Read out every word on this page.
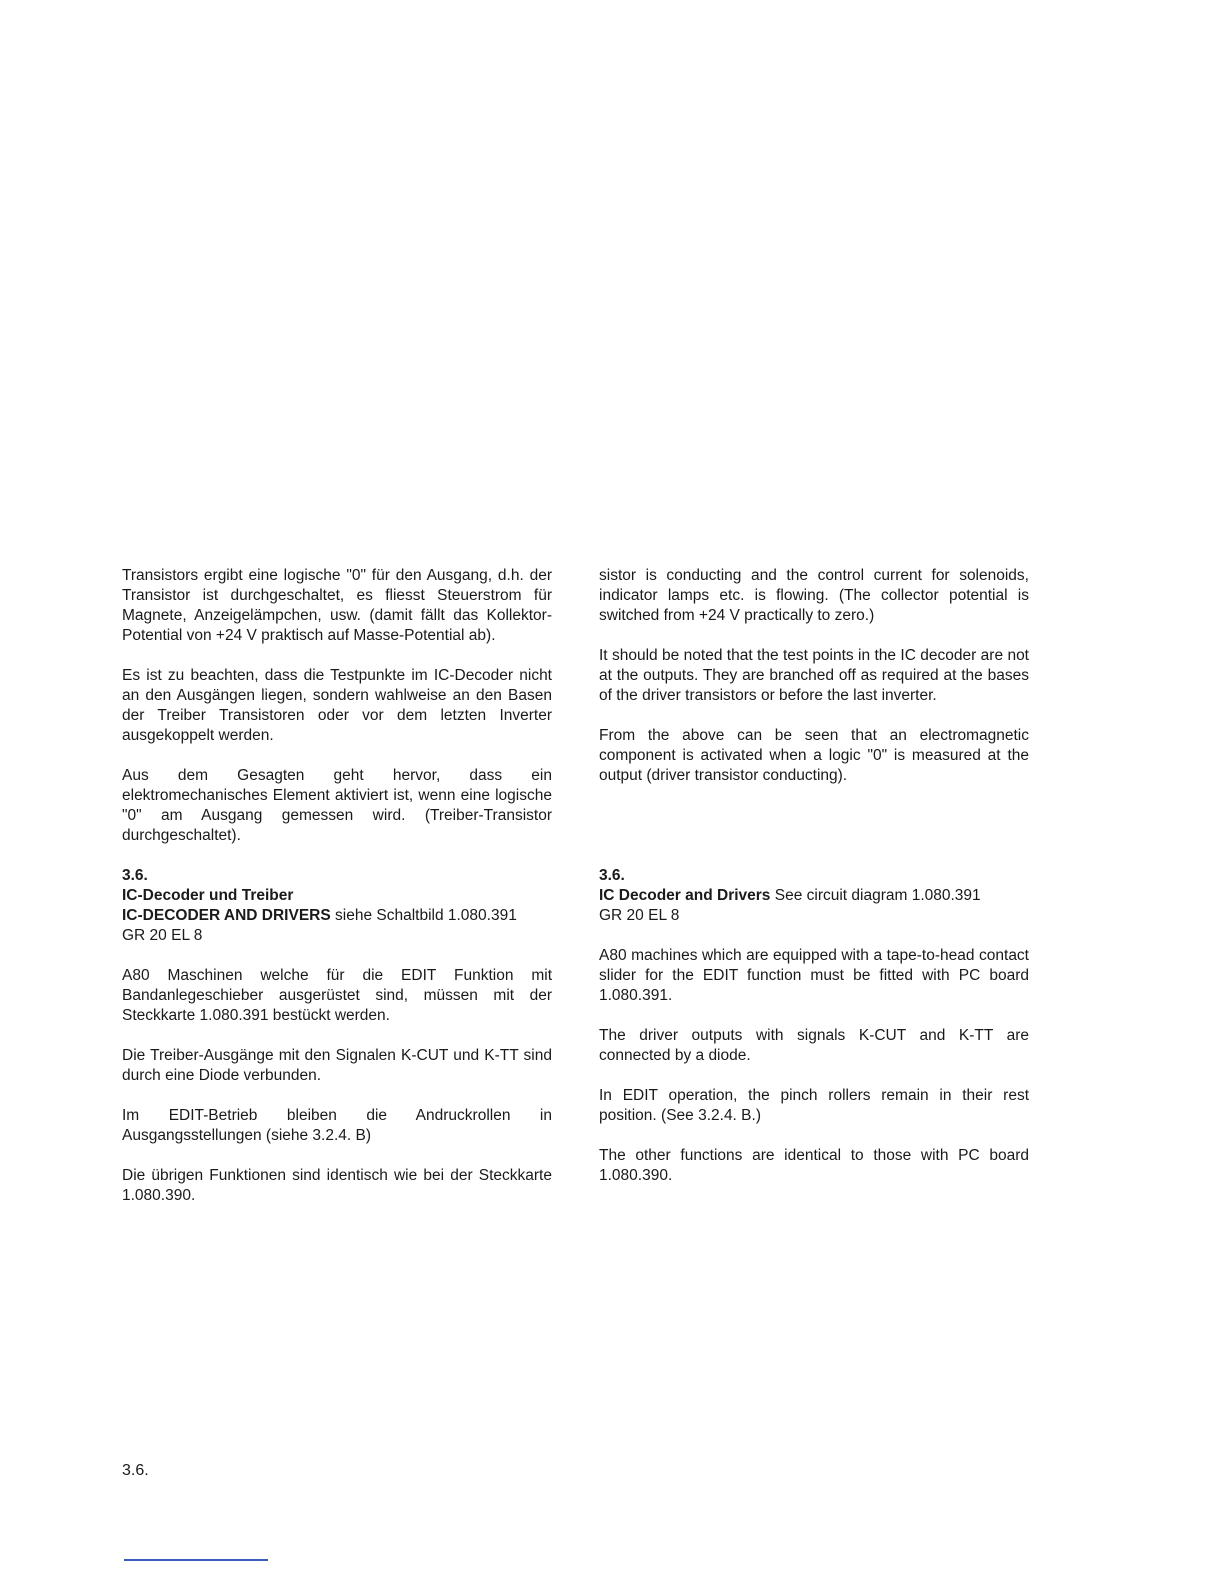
Transistors ergibt eine logische "0" für den Ausgang, d.h. der Transistor ist durchgeschaltet, es fliesst Steuerstrom für Magnete, Anzeigelämpchen, usw. (damit fällt das Kollektor-Potential von +24 V praktisch auf Masse-Potential ab).

Es ist zu beachten, dass die Testpunkte im IC-Decoder nicht an den Ausgängen liegen, sondern wahlweise an den Basen der Treiber Transistoren oder vor dem letzten Inverter ausgekoppelt werden.

Aus dem Gesagten geht hervor, dass ein elektromechanisches Element aktiviert ist, wenn eine logische "0" am Ausgang gemessen wird. (Treiber-Transistor durchgeschaltet).

sistor is conducting and the control current for solenoids, indicator lamps etc. is flowing. (The collector potential is switched from +24 V practically to zero.)

It should be noted that the test points in the IC decoder are not at the outputs. They are branched off as required at the bases of the driver transistors or before the last inverter.

From the above can be seen that an electromagnetic component is activated when a logic "0" is measured at the output (driver transistor conducting).

3.6.
IC-Decoder und Treiber
IC-DECODER AND DRIVERS siehe Schaltbild 1.080.391
GR 20 EL 8

A80 Maschinen welche für die EDIT Funktion mit Bandanlegeschieber ausgerüstet sind, müssen mit der Steckkarte 1.080.391 bestückt werden.

Die Treiber-Ausgänge mit den Signalen K-CUT und K-TT sind durch eine Diode verbunden.

Im EDIT-Betrieb bleiben die Andruckrollen in Ausgangsstellungen (siehe 3.2.4. B)

Die übrigen Funktionen sind identisch wie bei der Steckkarte 1.080.390.

3.6.
IC Decoder and Drivers See circuit diagram 1.080.391
GR 20 EL 8

A80 machines which are equipped with a tape-to-head contact slider for the EDIT function must be fitted with PC board 1.080.391.

The driver outputs with signals K-CUT and K-TT are connected by a diode.

In EDIT operation, the pinch rollers remain in their rest position. (See 3.2.4. B.)

The other functions are identical to those with PC board 1.080.390.

3.6.
